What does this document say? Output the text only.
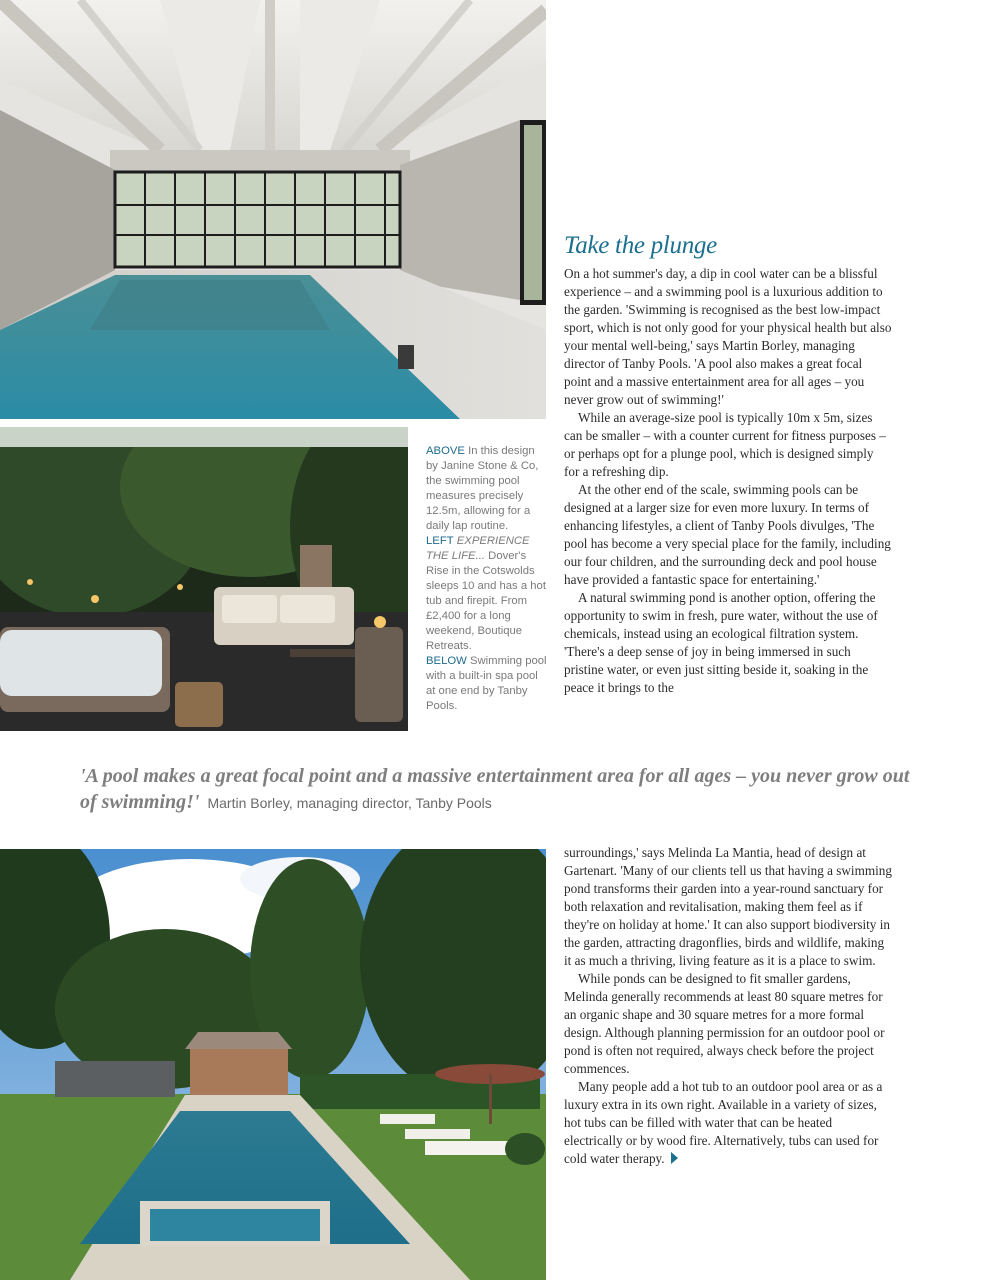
ABOVE In this design by Janine Stone & Co, the swimming pool measures precisely 12.5m, allowing for a daily lap routine.
LEFT EXPERIENCE THE LIFE... Dover's Rise in the Cotswolds sleeps 10 and has a hot tub and firepit. From £2,400 for a long weekend, Boutique Retreats.
BELOW Swimming pool with a built-in spa pool at one end by Tanby Pools.
Take the plunge

On a hot summer's day, a dip in cool water can be a blissful experience – and a swimming pool is a luxurious addition to the garden. 'Swimming is recognised as the best low-impact sport, which is not only good for your physical health but also your mental well-being,' says Martin Borley, managing director of Tanby Pools. 'A pool also makes a great focal point and a massive entertainment area for all ages – you never grow out of swimming!'

While an average-size pool is typically 10m x 5m, sizes can be smaller – with a counter current for fitness purposes – or perhaps opt for a plunge pool, which is designed simply for a refreshing dip.

At the other end of the scale, swimming pools can be designed at a larger size for even more luxury. In terms of enhancing lifestyles, a client of Tanby Pools divulges, 'The pool has become a very special place for the family, including our four children, and the surrounding deck and pool house have provided a fantastic space for entertaining.'

A natural swimming pond is another option, offering the opportunity to swim in fresh, pure water, without the use of chemicals, instead using an ecological filtration system. 'There's a deep sense of joy in being immersed in such pristine water, or even just sitting beside it, soaking in the peace it brings to the

'A pool makes a great focal point and a massive entertainment area for all ages – you never grow out of swimming!' Martin Borley, managing director, Tanby Pools

surroundings,' says Melinda La Mantia, head of design at Gartenart. 'Many of our clients tell us that having a swimming pond transforms their garden into a year-round sanctuary for both relaxation and revitalisation, making them feel as if they're on holiday at home.' It can also support biodiversity in the garden, attracting dragonflies, birds and wildlife, making it as much a thriving, living feature as it is a place to swim.

While ponds can be designed to fit smaller gardens, Melinda generally recommends at least 80 square metres for an organic shape and 30 square metres for a more formal design. Although planning permission for an outdoor pool or pond is often not required, always check before the project commences.

Many people add a hot tub to an outdoor pool area or as a luxury extra in its own right. Available in a variety of sizes, hot tubs can be filled with water that can be heated electrically or by wood fire. Alternatively, tubs can used for cold water therapy.
